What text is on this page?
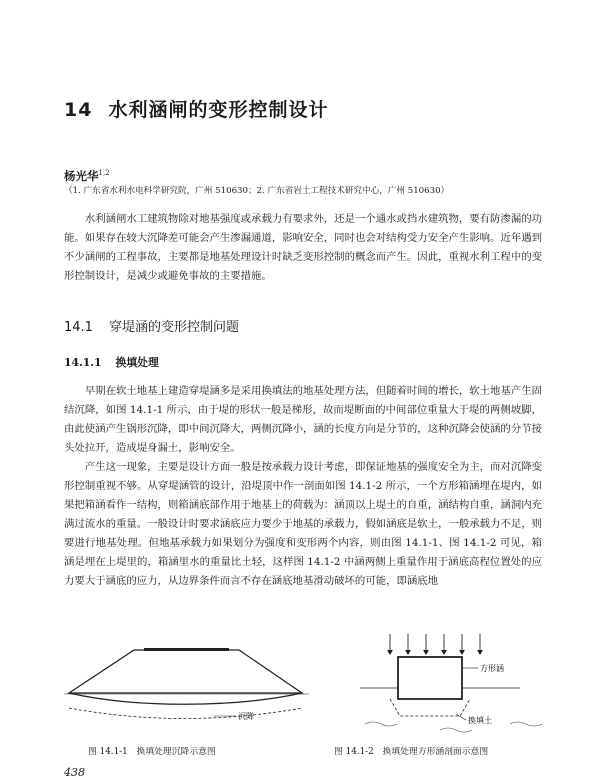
14 水利涵闸的变形控制设计
杨光华$^{1,2}$
（1. 广东省水利水电科学研究院，广州 510630；2. 广东省岩土工程技术研究中心，广州 510630）

水利涵闸水工建筑物除对地基强度或承载力有要求外，还是一个通水或挡水建筑物，要有防渗漏的功能。如果存在较大沉降差可能会产生渗漏通道，影响安全，同时也会对结构受力安全产生影响。近年遇到不少涵闸的工程事故，主要都是地基处理设计时缺乏变形控制的概念而产生。因此，重视水利工程中的变形控制设计，是减少或避免事故的主要措施。

14.1 穿堤涵的变形控制问题
14.1.1 换填处理

早期在软土地基上建造穿堤涵多是采用换填法的地基处理方法，但随着时间的增长，软土地基产生固结沉降，如图 14.1-1 所示，由于堤的形状一般是梯形，故而堤断面的中间部位重量大于堤的两侧坡脚，由此使涵产生锅形沉降，即中间沉降大，两侧沉降小，涵的长度方向是分节的，这种沉降会使涵的分节接头处拉开，造成堤身漏土，影响安全。

产生这一现象，主要是设计方面一般是按承载力设计考虑，即保证地基的强度安全为主，而对沉降变形控制重视不够。从穿堤涵管的设计，沿堤顶中作一剖面如图 14.1-2 所示，一个方形箱涵埋在堤内，如果把箱涵看作一结构，则箱涵底部作用于地基上的荷载为：涵顶以上堤土的自重，涵结构自重，涵洞内充满过流水的重量。一般设计时要求涵底应力要少于地基的承载力，假如涵底是软土，一般承载力不足，则要进行地基处理。但地基承载力如果划分为强度和变形两个内容，则由图 14.1-1、图 14.1-2 可见，箱涵是埋在上堤里的，箱涵里水的重量比土轻，这样图 14.1-2 中涵两侧上重量作用于涵底高程位置处的应力要大于涵底的应力，从边界条件而言不存在涵底地基滑动破坏的可能，即涵底地

沉降
图 14.1-1　换填处理沉降示意图
方形涵
换填土
图 14.1-2　换填处理方形涵剖面示意图
438
